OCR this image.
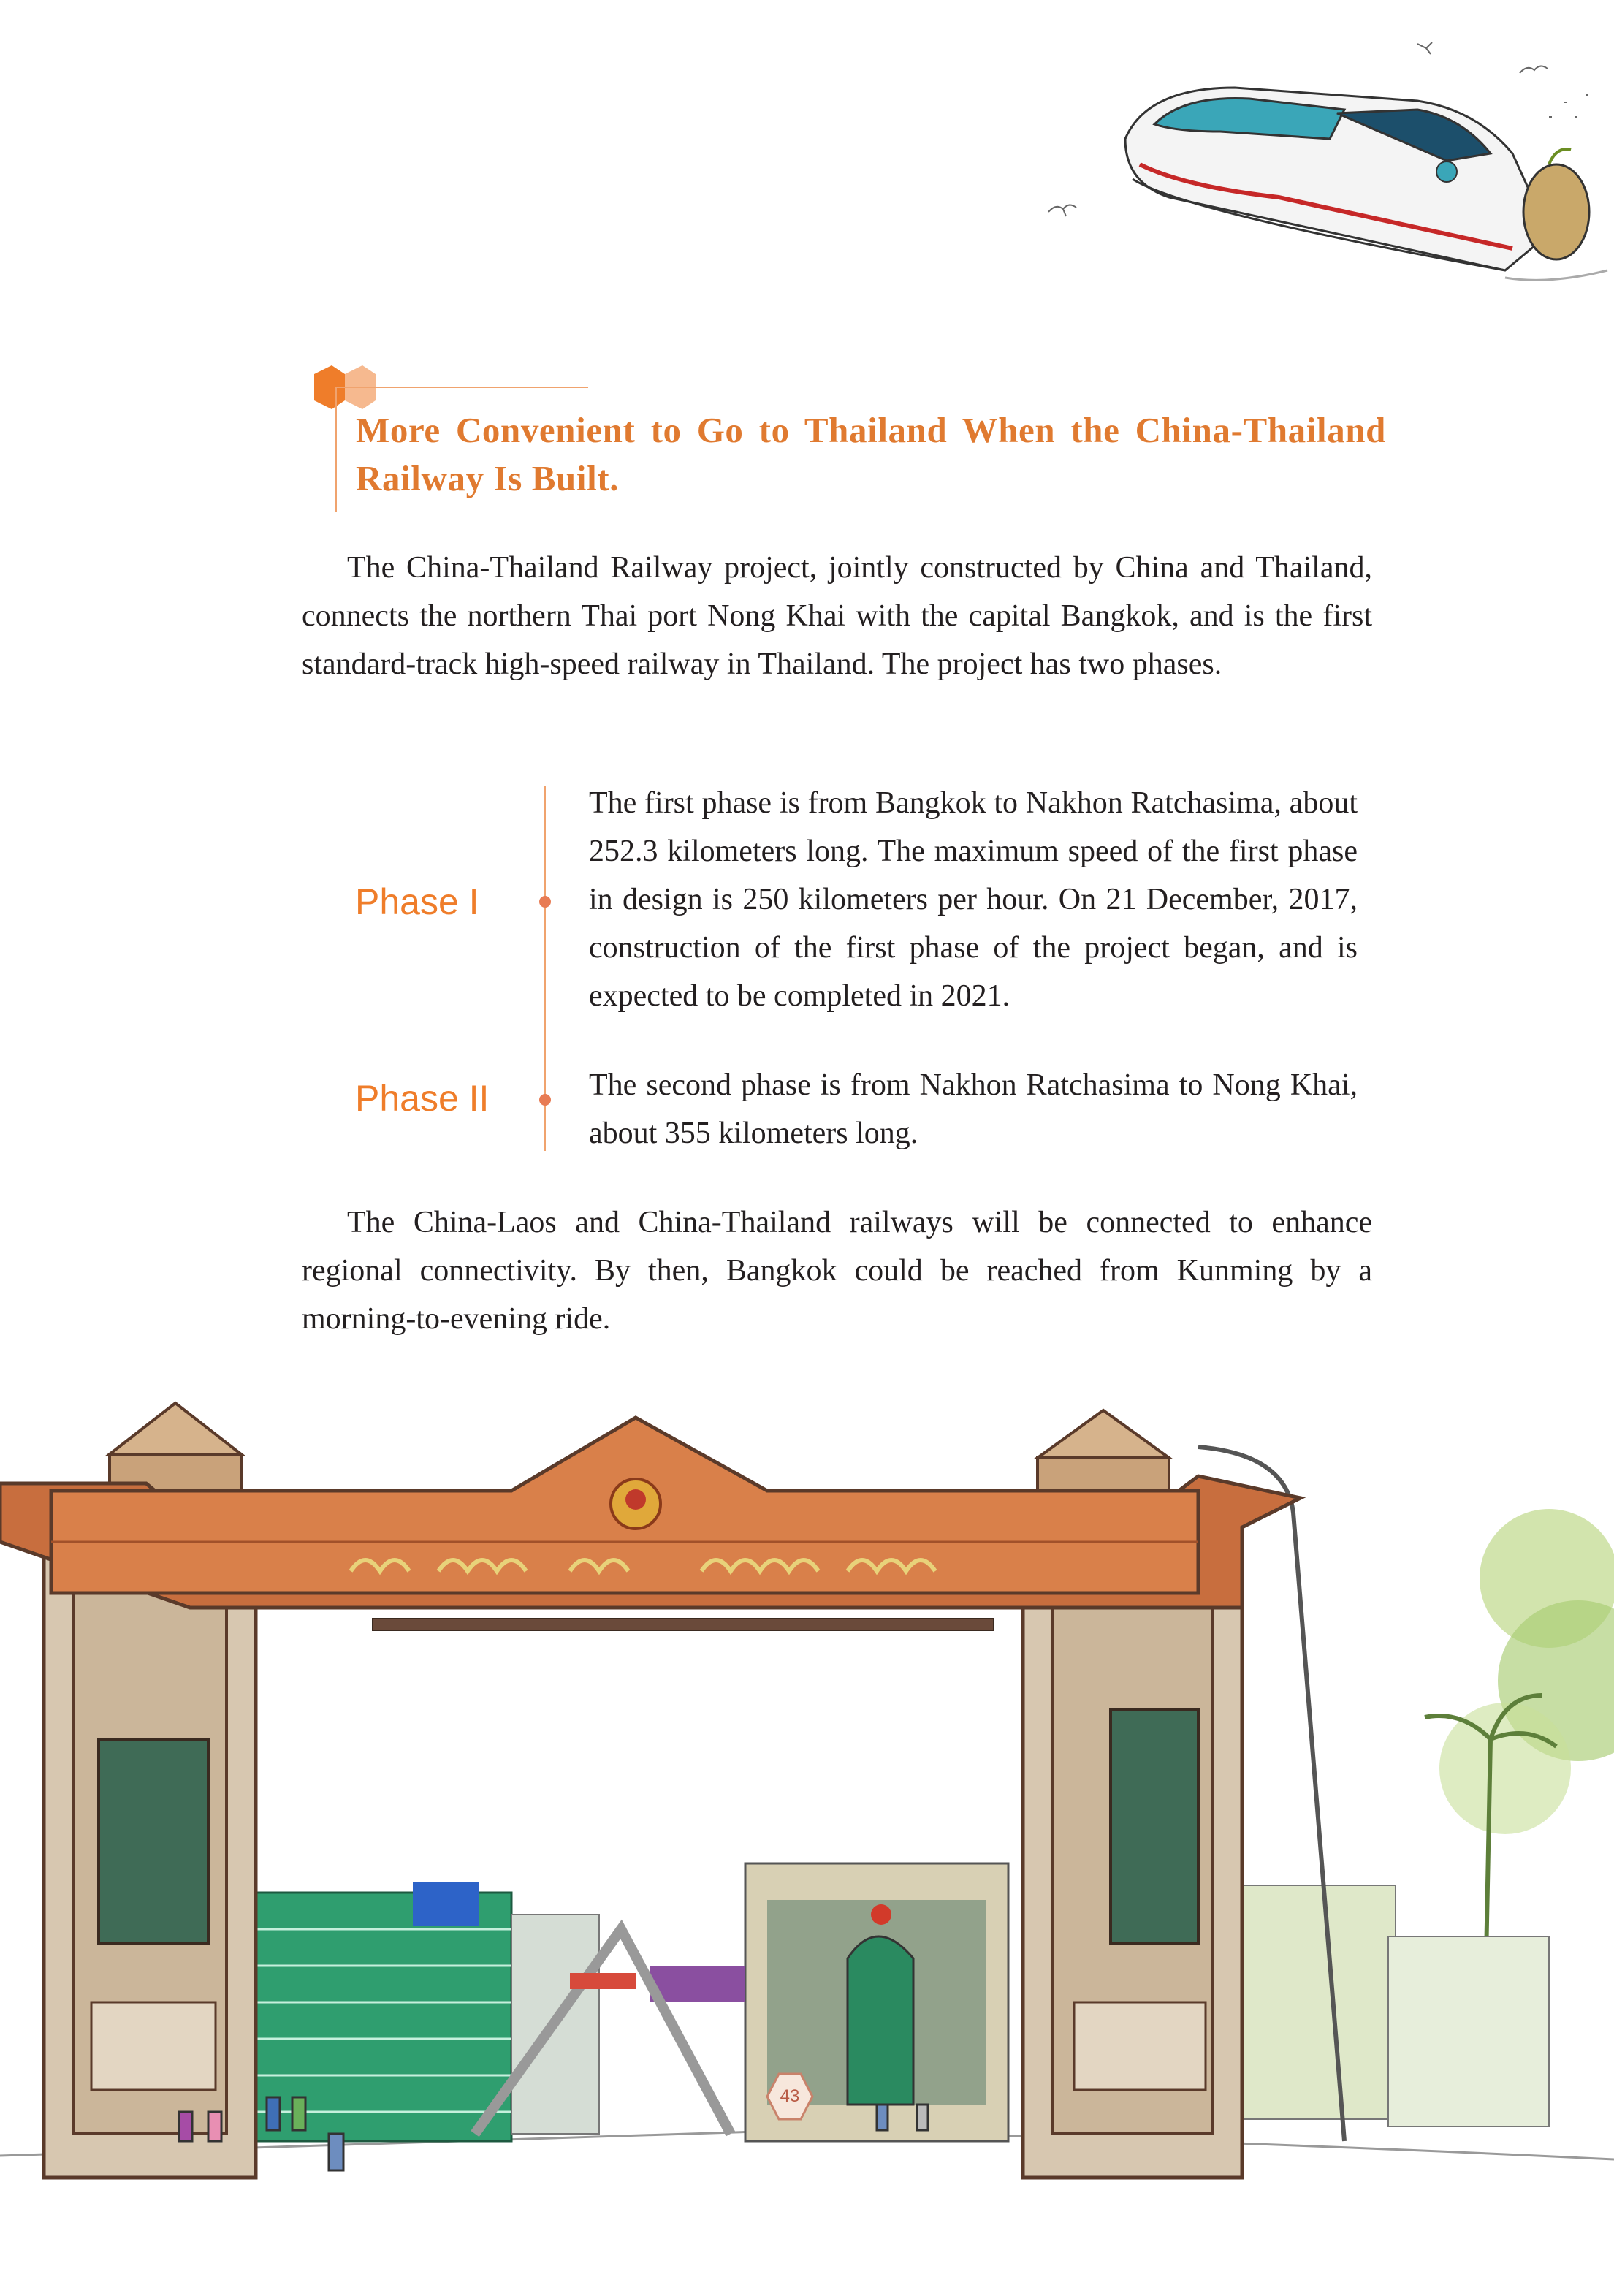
More Convenient to Go to Thailand When the China-Thailand Railway Is Built.

The China-Thailand Railway project, jointly constructed by China and Thailand, connects the northern Thai port Nong Khai with the capital Bangkok, and is the first standard-track high-speed railway in Thailand. The project has two phases.

Phase I

The first phase is from Bangkok to Nakhon Ratchasima, about 252.3 kilometers long. The maximum speed of the first phase in design is 250 kilometers per hour. On 21 December, 2017, construction of the first phase of the project began, and is expected to be completed in 2021.

Phase II	The second phase is from Nakhon Ratchasima to Nong Khai, about 355 kilometers long.

The China-Laos and China-Thailand railways will be connected to enhance regional connectivity. By then, Bangkok could be reached from Kunming by a morning-to-evening ride.

43
